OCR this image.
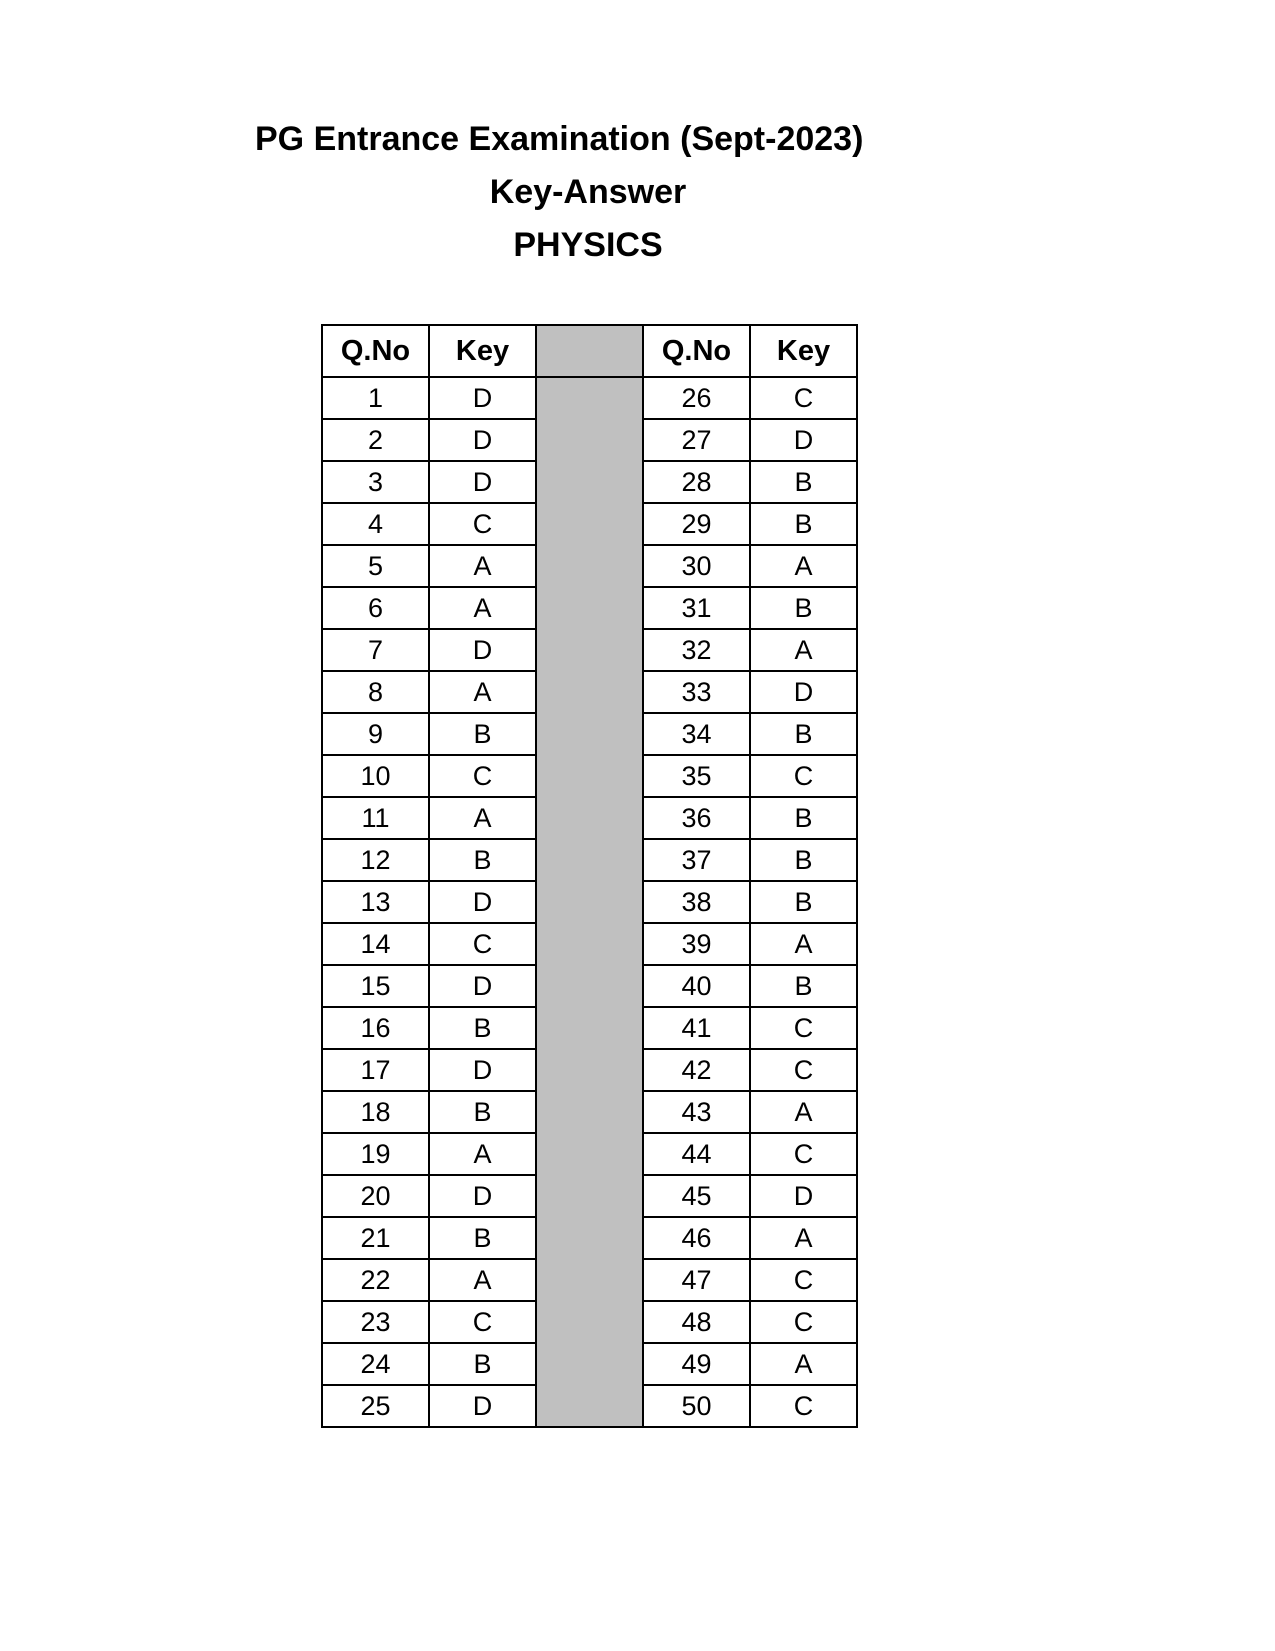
PG Entrance Examination (Sept-2023)
Key-Answer
PHYSICS
Q.No	Key		Q.No	Key
1	D		26	C
2	D		27	D
3	D		28	B
4	C		29	B
5	A		30	A
6	A		31	B
7	D		32	A
8	A		33	D
9	B		34	B
10	C		35	C
11	A		36	B
12	B		37	B
13	D		38	B
14	C		39	A
15	D		40	B
16	B		41	C
17	D		42	C
18	B		43	A
19	A		44	C
20	D		45	D
21	B		46	A
22	A		47	C
23	C		48	C
24	B		49	A
25	D		50	C
